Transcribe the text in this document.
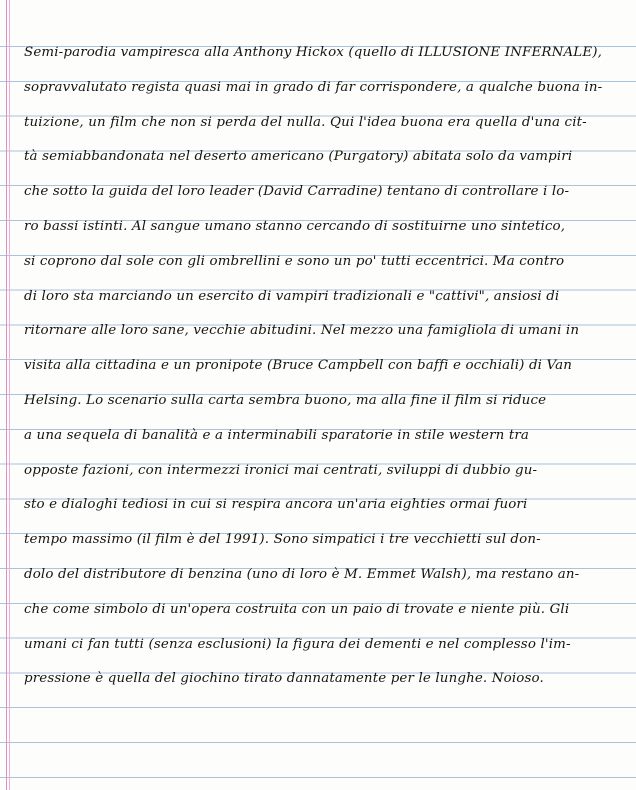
Semi-parodia vampiresca alla Anthony Hickox (quello di ILLUSIONE INFERNALE),
sopravvalutato regista quasi mai in grado di far corrispondere, a qualche buona in-
tuizione, un film che non si perda del nulla. Qui l'idea buona era quella d'una cit-
tà semiabbandonata nel deserto americano (Purgatory) abitata solo da vampiri
che sotto la guida del loro leader (David Carradine) tentano di controllare i lo-
ro bassi istinti. Al sangue umano stanno cercando di sostituirne uno sintetico,
si coprono dal sole con gli ombrellini e sono un po' tutti eccentrici. Ma contro
di loro sta marciando un esercito di vampiri tradizionali e "cattivi", ansiosi di
ritornare alle loro sane, vecchie abitudini. Nel mezzo una famigliola di umani in
visita alla cittadina e un pronipote (Bruce Campbell con baffi e occhiali) di Van
Helsing. Lo scenario sulla carta sembra buono, ma alla fine il film si riduce
a una sequela di banalità e a interminabili sparatorie in stile western tra
opposte fazioni, con intermezzi ironici mai centrati, sviluppi di dubbio gu-
sto e dialoghi tediosi in cui si respira ancora un'aria eighties ormai fuori
tempo massimo (il film è del 1991). Sono simpatici i tre vecchietti sul don-
dolo del distributore di benzina (uno di loro è M. Emmet Walsh), ma restano an-
che come simbolo di un'opera costruita con un paio di trovate e niente più. Gli
umani ci fan tutti (senza esclusioni) la figura dei dementi e nel complesso l'im-
pressione è quella del giochino tirato dannatamente per le lunghe. Noioso.
